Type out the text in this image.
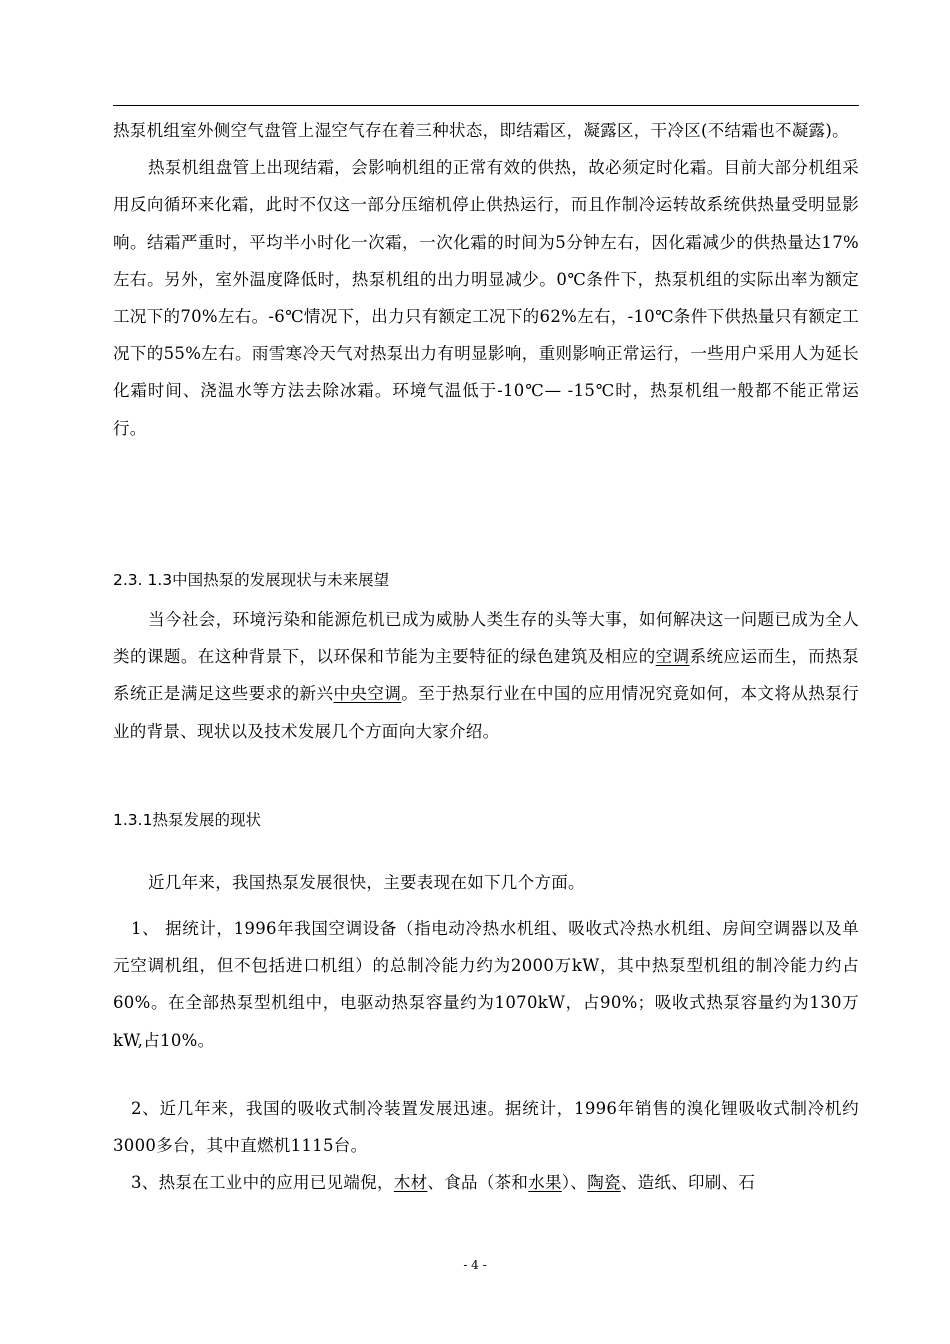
热泵机组室外侧空气盘管上湿空气存在着三种状态，即结霜区，凝露区，干冷区(不结霜也不凝露)。

热泵机组盘管上出现结霜，会影响机组的正常有效的供热，故必须定时化霜。目前大部分机组采用反向循环来化霜，此时不仅这一部分压缩机停止供热运行，而且作制冷运转故系统供热量受明显影响。结霜严重时，平均半小时化一次霜，一次化霜的时间为5分钟左右，因化霜减少的供热量达17%左右。另外，室外温度降低时，热泵机组的出力明显减少。0℃条件下，热泵机组的实际出率为额定工况下的70%左右。-6℃情况下，出力只有额定工况下的62%左右，-10℃条件下供热量只有额定工况下的55%左右。雨雪寒冷天气对热泵出力有明显影响，重则影响正常运行，一些用户采用人为延长化霜时间、浇温水等方法去除冰霜。环境气温低于-10℃— -15℃时，热泵机组一般都不能正常运行。

2.3. 1.3中国热泵的发展现状与未来展望

当今社会，环境污染和能源危机已成为威胁人类生存的头等大事，如何解决这一问题已成为全人类的课题。在这种背景下，以环保和节能为主要特征的绿色建筑及相应的空调系统应运而生，而热泵系统正是满足这些要求的新兴中央空调。至于热泵行业在中国的应用情况究竟如何，本文将从热泵行业的背景、现状以及技术发展几个方面向大家介绍。

1.3.1热泵发展的现状

近几年来，我国热泵发展很快，主要表现在如下几个方面。

1、 据统计，1996年我国空调设备（指电动冷热水机组、吸收式冷热水机组、房间空调器以及单元空调机组，但不包括进口机组）的总制冷能力约为2000万kW，其中热泵型机组的制冷能力约占60%。在全部热泵型机组中，电驱动热泵容量约为1070kW，占90%；吸收式热泵容量约为130万kW,占10%。

2、近几年来，我国的吸收式制冷装置发展迅速。据统计，1996年销售的溴化锂吸收式制冷机约3000多台，其中直燃机1115台。

3、热泵在工业中的应用已见端倪，木材、食品（茶和水果）、陶瓷、造纸、印刷、石

- 4 -
